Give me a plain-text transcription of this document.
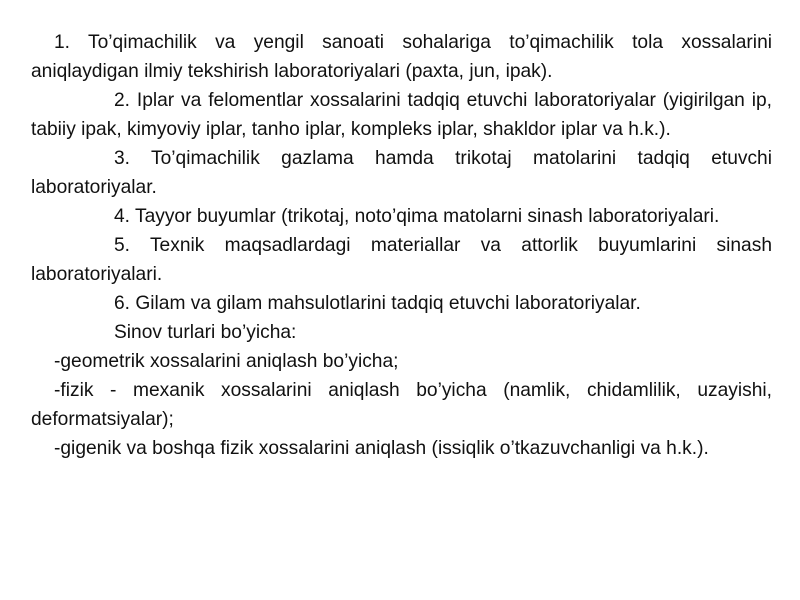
1. To’qimachilik va yengil sanoati sohalariga to’qimachilik tola xossalarini aniqlaydigan ilmiy tekshirish laboratoriyalari (paxta, jun, ipak).

2. Iplar va felomentlar xossalarini tadqiq etuvchi laboratoriyalar (yigirilgan ip, tabiiy ipak, kimyoviy iplar, tanho iplar, kompleks iplar, shakldor iplar va h.k.).

3. To’qimachilik gazlama hamda trikotaj matolarini tadqiq etuvchi laboratoriyalar.

4. Tayyor buyumlar (trikotaj, noto’qima matolarni sinash laboratoriyalari.

5. Texnik maqsadlardagi materiallar va attorlik buyumlarini sinash laboratoriyalari.

6. Gilam va gilam mahsulotlarini tadqiq etuvchi laboratoriyalar.

Sinov turlari bo’yicha:

-geometrik xossalarini aniqlash bo’yicha;

-fizik - mexanik xossalarini aniqlash bo’yicha (namlik, chidamlilik, uzayishi, deformatsiyalar);

-gigenik va boshqa fizik xossalarini aniqlash (issiqlik o’tkazuvchanligi va h.k.).
